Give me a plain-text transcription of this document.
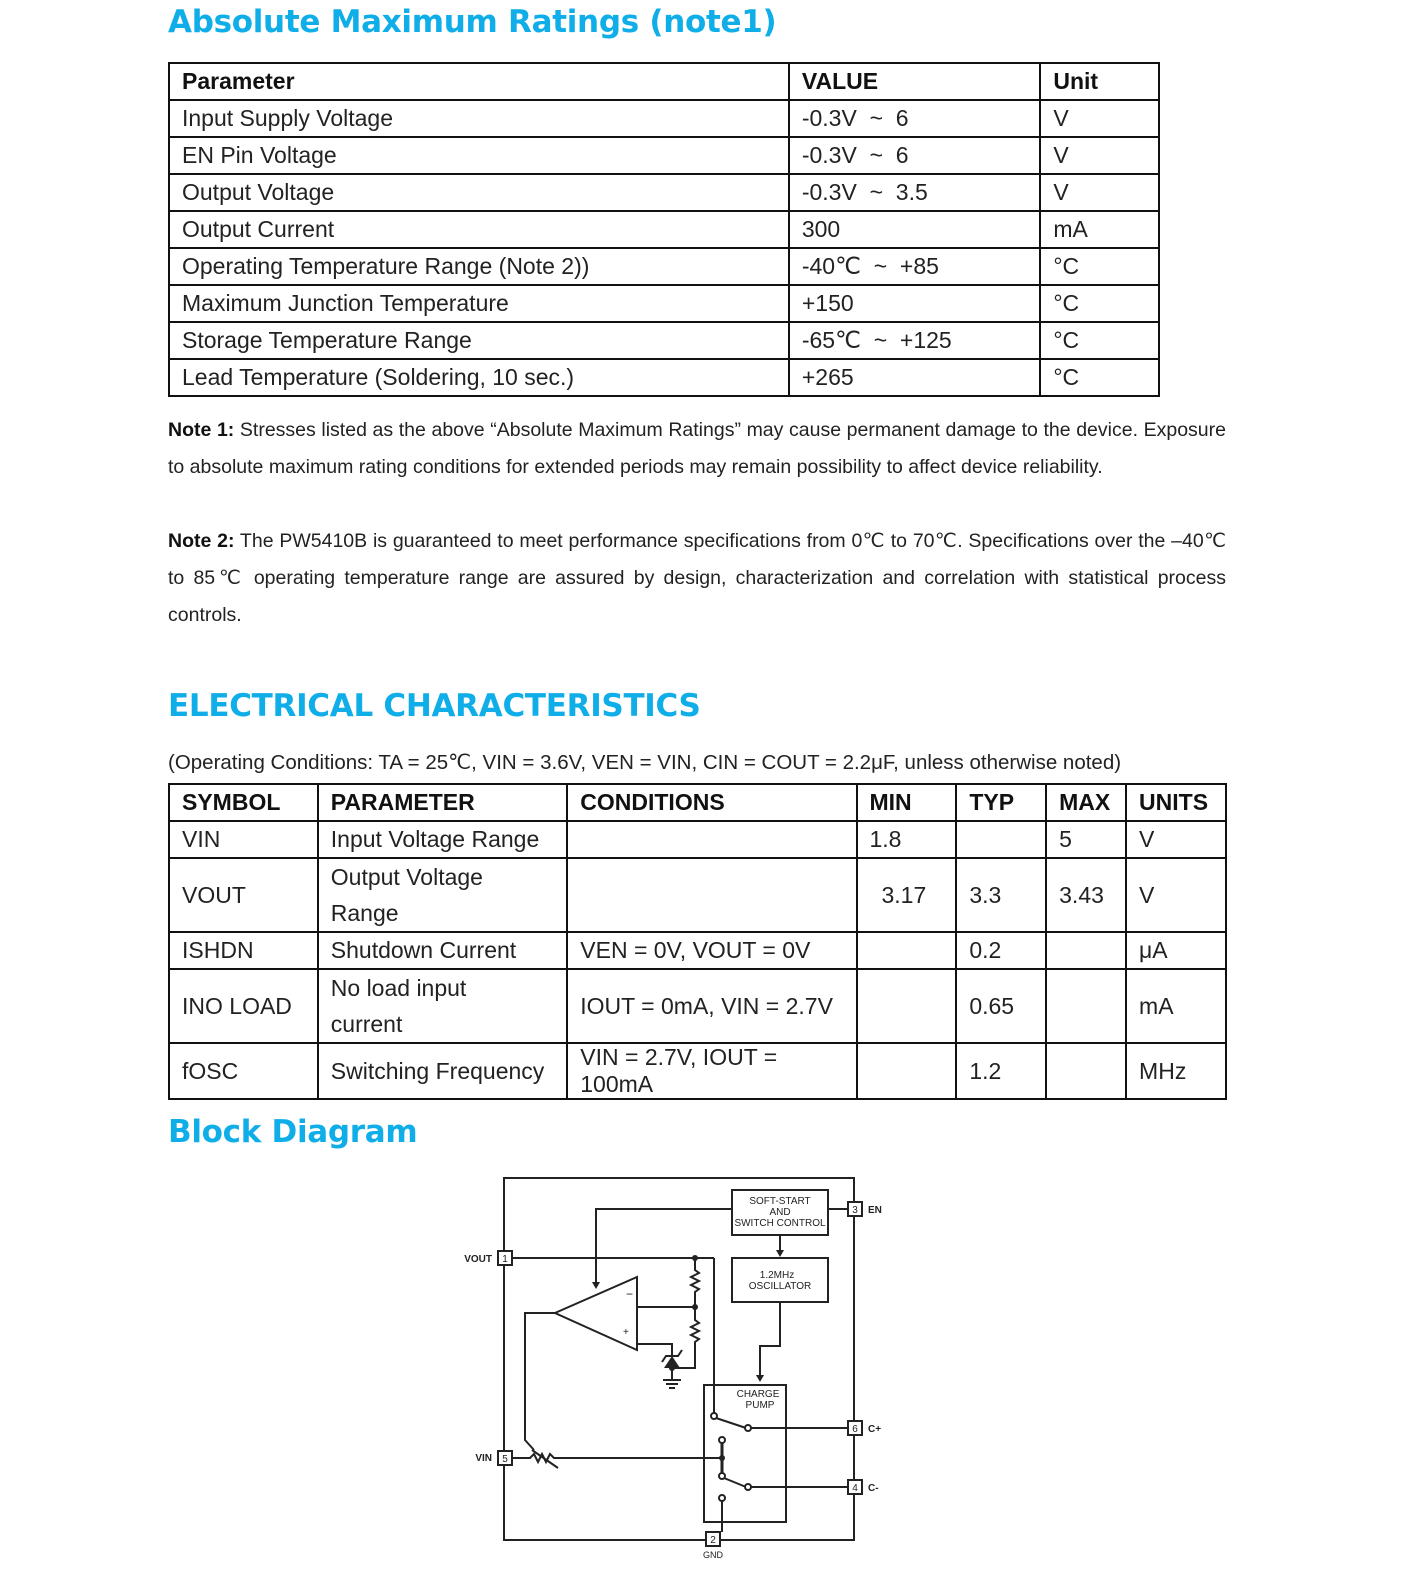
Absolute Maximum Ratings (note1)
Parameter	VALUE	Unit
Input Supply Voltage	-0.3V  ~  6	V
EN Pin Voltage	-0.3V  ~  6	V
Output Voltage	-0.3V  ~  3.5	V
Output Current	300	mA
Operating Temperature Range (Note 2))	-40℃  ~  +85	°C
Maximum Junction Temperature	+150	°C
Storage Temperature Range	-65℃  ~  +125	°C
Lead Temperature (Soldering, 10 sec.)	+265	°C
Note 1: Stresses listed as the above “Absolute Maximum Ratings” may cause permanent damage to the device. Exposure to absolute maximum rating conditions for extended periods may remain possibility to affect device reliability.
Note 2: The PW5410B is guaranteed to meet performance specifications from 0℃ to 70℃. Specifications over the –40℃ to 85℃ operating temperature range are assured by design, characterization and correlation with statistical process controls.
ELECTRICAL CHARACTERISTICS
(Operating Conditions: TA = 25℃, VIN = 3.6V, VEN = VIN, CIN = COUT = 2.2μF, unless otherwise noted)
SYMBOL	PARAMETER	CONDITIONS	MIN	TYP	MAX	UNITS
VIN	Input Voltage Range		1.8		5	V
VOUT	Output Voltage Range		3.17	3.3	3.43	V
ISHDN	Shutdown Current	VEN = 0V, VOUT = 0V		0.2		μA
INO LOAD	No load input current	IOUT = 0mA, VIN = 2.7V		0.65		mA
fOSC	Switching Frequency	VIN = 2.7V, IOUT = 100mA		1.2		MHz
Block Diagram
SOFT-START
AND
SWITCH CONTROL
3 EN
1.2MHz
OSCILLATOR
VOUT 1
−
+
VIN 5
CHARGE
PUMP
6 C+
4 C-
2
GND
